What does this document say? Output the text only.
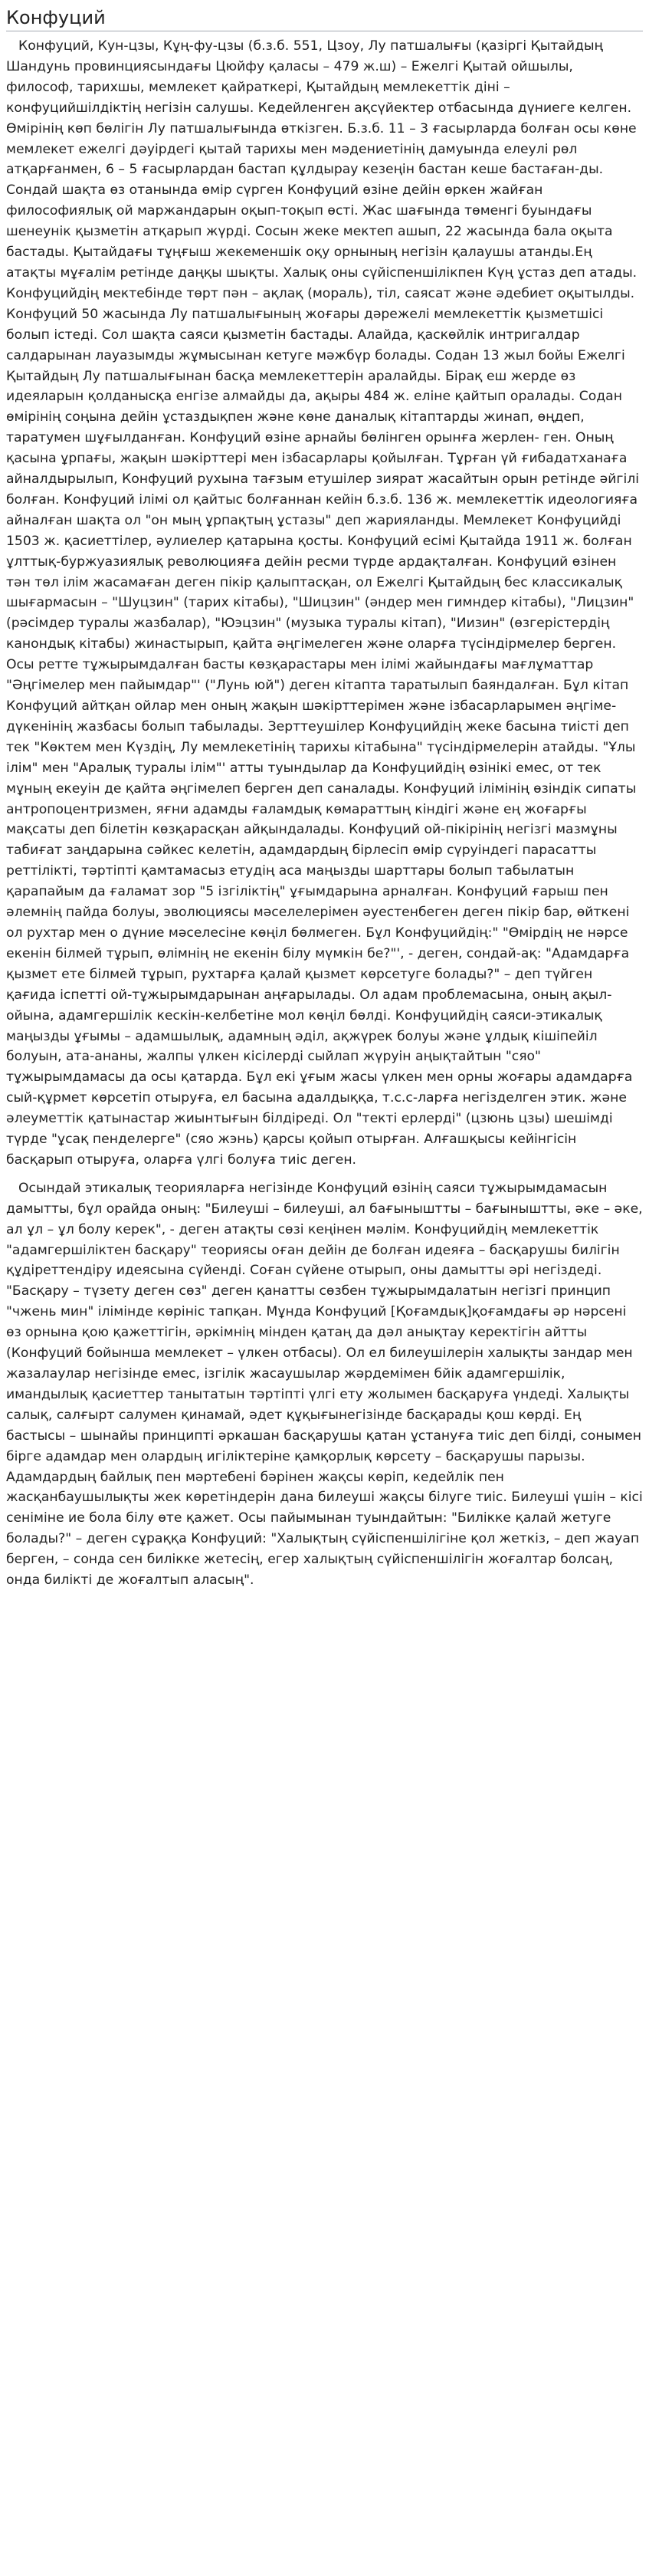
Конфуций

Конфуций, Кун-цзы, Кұң-фу-цзы (б.з.б. 551, Цзоу, Лу патшалығы (қазіргі Қытайдың Шандунь провинциясындағы Цюйфу қаласы – 479 ж.ш) – Ежелгі Қытай ойшылы, философ, тарихшы, мемлекет қайраткері, Қытайдың мемлекеттік діні – конфуцийшілдіктің негізін салушы. Кедейленген ақсүйектер отбасында дүниеге келген. Өмірінің көп бөлігін Лу патшалығында өткізген. Б.з.б. 11 – 3 ғасырларда болған осы көне мемлекет ежелгі дәуірдегі қытай тарихы мен мәдениетінің дамуында елеулі рөл атқарғанмен, 6 – 5 ғасырлардан бастап құлдырау кезеңін бастан кеше бастаған-ды. Сондай шақта өз отанында өмір сүрген Конфуций өзіне дейін өркен жайған философиялық ой маржандарын оқып-тоқып өсті. Жас шағында төменгі буындағы шенеунік қызметін атқарып жүрді. Сосын жеке мектеп ашып, 22 жасында бала оқыта бастады. Қытайдағы тұңғыш жекеменшік оқу орнының негізін қалаушы атанды.Ең атақты мұғалім ретінде даңқы шықты. Халық оны сүйіспеншілікпен Күң ұстаз деп атады. Конфуцийдің мектебінде төрт пән – ақлақ (мораль), тіл, саясат және әдебиет оқытылды. Конфуций 50 жасында Лу патшалығының жоғары дәрежелі мемлекеттік қызметшісі болып істеді. Сол шақта саяси қызметін бастады. Алайда, қаскөйлік интригалдар салдарынан лауазымды жұмысынан кетуге мәжбүр болады. Содан 13 жыл бойы Ежелгі Қытайдың Лу патшалығынан басқа мемлекеттерін аралайды. Бірақ еш жерде өз идеяларын қолданысқа енгізе алмайды да, ақыры 484 ж. еліне қайтып оралады. Содан өмірінің соңына дейін ұстаздықпен және көне даналық кітаптарды жинап, өңдеп, таратумен шұғылданған. Конфуций өзіне арнайы бөлінген орынға жерлен- ген. Оның қасына ұрпағы, жақын шәкірттері мен ізбасарлары қойылған. Тұрған үй ғибадатханаға айналдырылып, Конфуций рухына тағзым етушілер зиярат жасайтын орын ретінде әйгілі болған. Конфуций ілімі ол қайтыс болғаннан кейін б.з.б. 136 ж. мемлекеттік идеологияға айналған шақта ол "он мың ұрпақтың ұстазы" деп жарияланды. Мемлекет Конфуцийді 1503 ж. қасиеттілер, әулиелер қатарына қосты. Конфуций есімі Қытайда 1911 ж. болған ұлттық-буржуазиялық революцияға дейін ресми түрде ардақталған. Конфуций өзінен тән төл ілім жасамаған деген пікір қалыптасқан, ол Ежелгі Қытайдың бес классикалық шығармасын – "Шуцзин" (тарих кітабы), "Шицзин" (әндер мен гимндер кітабы), "Лицзин" (рәсімдер туралы жазбалар), "Юэцзин" (музыка туралы кітап), "Иизин" (өзгерістердің канондық кітабы) жинастырып, қайта әңгімелеген және оларға түсіндірмелер берген. Осы ретте тұжырымдалған басты көзқарастары мен ілімі жайындағы мағлұматтар "Әңгімелер мен пайымдар"' ("Лунь юй") деген кітапта таратылып баяндалған. Бұл кітап Конфуций айтқан ойлар мен оның жақын шәкірттерімен және ізбасарларымен әңгіме-дүкенінің жазбасы болып табылады. Зерттеушілер Конфуцийдің жеке басына тиісті деп тек "Көктем мен Күздің, Лу мемлекетінің тарихы кітабына" түсіндірмелерін атайды. "Ұлы ілім" мен "Аралық туралы ілім"' атты туындылар да Конфуцийдің өзінікі емес, от тек мұның екеуін де қайта әңгімелеп берген деп саналады. Конфуций ілімінің өзіндік сипаты антропоцентризмен, яғни адамды ғаламдық көмараттың кіндігі және ең жоғарғы мақсаты деп білетін көзқарасқан айқындалады. Конфуций ой-пікірінің негізгі мазмұны табиғат заңдарына сәйкес келетін, адамдардың бірлесіп өмір сүруіндегі парасатты реттілікті, тәртіпті қамтамасыз етудің аса маңызды шарттары болып табылатын қарапайым да ғаламат зор "5 ізгіліктің" ұғымдарына арналған. Конфуций ғарыш пен әлемнің пайда болуы, эволюциясы мәселелерімен әуестенбеген деген пікір бар, өйткені ол рухтар мен о дүние мәселесіне көңіл бөлмеген. Бұл Конфуцийдің:" "Өмірдің не нәрсе екенін білмей тұрып, өлімнің не екенін білу мүмкін бе?"', - деген, сондай-ақ: "Адамдарға қызмет ете білмей тұрып, рухтарға қалай қызмет көрсетуге болады?" – деп түйген қағида іспетті ой-тұжырымдарынан аңғарылады. Ол адам проблемасына, оның ақыл-ойына, адамгершілік кескін-келбетіне мол көңіл бөлді. Конфуцийдің саяси-этикалық маңызды ұғымы – адамшылық, адамның әділ, ақжүрек болуы және ұлдық кішіпейіл болуын, ата-ананы, жалпы үлкен кісілерді сыйлап жүруін аңықтайтын "сяо" тұжырымдамасы да осы қатарда. Бұл екі ұғым жасы үлкен мен орны жоғары адамдарға сый-құрмет көрсетіп отыруға, ел басына адалдыққа, т.с.с-ларға негізделген этик. және әлеуметтік қатынастар жиынтығын білдіреді. Ол "текті ерлерді" (цзюнь цзы) шешімді түрде "ұсақ пенделерге" (сяо жэнь) қарсы қойып отырған. Алғашқысы кейінгісін басқарып отыруға, оларға үлгі болуға тиіс деген.

Осындай этикалық теорияларға негізінде Конфуций өзінің саяси тұжырымдамасын дамытты, бұл орайда оның: "Билеуші – билеуші, ал бағыныштты – бағыныштты, әке – әке, ал ұл – ұл болу керек", - деген атақты сөзі кеңінен мәлім. Конфуцийдің мемлекеттік "адамгершіліктен басқару" теориясы оған дейін де болған идеяға – басқарушы билігін құдіреттендіру идеясына сүйенді. Соған сүйене отырып, оны дамытты әрі негіздеді. "Басқару – түзету деген сөз" деген қанатты сөзбен тұжырымдалатын негізгі принцип "чжень мин" ілімінде көрініс тапқан. Мұнда Конфуций [Қоғамдық]қоғамдағы әр нәрсені өз орнына қою қажеттігін, әркімнің мінден қатаң да дәл анықтау керектігін айтты (Конфуций бойынша мемлекет – үлкен отбасы). Ол ел билеушілерін халықты зандар мен жазалаулар негізінде емес, ізгілік жасаушылар жәрдемімен бйік адамгершілік, имандылық қасиеттер танытатын тәртіпті үлгі ету жолымен басқаруға үндеді. Халықты салық, салғырт салумен қинамай, әдет құқығынегізінде басқарады қош көрді. Ең бастысы – шынайы принципті әркашан басқарушы қатан ұстануға тиіс деп білді, сонымен бірге адамдар мен олардың игіліктеріне қамқорлық көрсету – басқарушы парызы. Адамдардың байлық пен мәртебені бәрінен жақсы көріп, кедейлік пен жасқанбаушылықты жек көретіндерін дана билеуші жақсы білуге тиіс. Билеуші үшін – кісі сеніміне ие бола білу өте қажет. Осы пайымынан туындайтын: "Билікке қалай жетуге болады?" – деген сұраққа Конфуций: "Халықтың сүйіспеншілігіне қол жеткіз, – деп жауап берген, – сонда сен билікке жетесің, егер халықтың сүйіспеншілігін жоғалтар болсаң, онда билікті де жоғалтып аласың".
